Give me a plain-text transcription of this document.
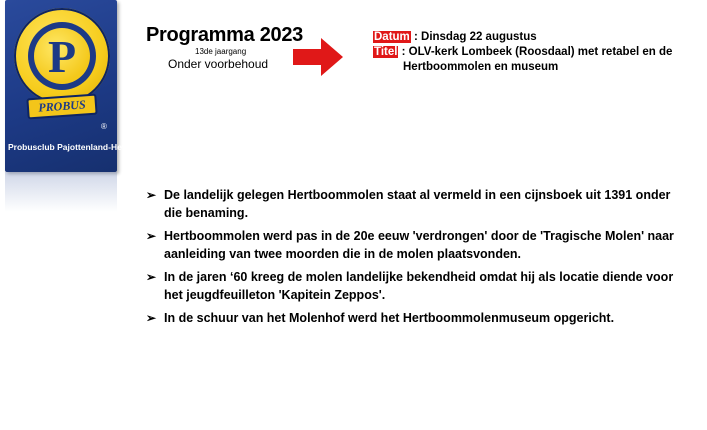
P
PROBUS
®
Probusclub Pajottenland-Heyde
Programma 2023
13de jaargang
Onder voorbehoud
Datum : Dinsdag 22 augustus
Titel : OLV-kerk Lombeek (Roosdaal) met retabel en de
Hertboommolen en museum
➢ De landelijk gelegen Hertboommolen staat al vermeld in een cijnsboek uit 1391 onder die benaming.
➢ Hertboommolen werd pas in de 20e eeuw 'verdrongen' door de 'Tragische Molen' naar aanleiding van twee moorden die in de molen plaatsvonden.
➢ In de jaren ‘60 kreeg de molen landelijke bekendheid omdat hij als locatie diende voor het jeugdfeuilleton 'Kapitein Zeppos'.
➢ In de schuur van het Molenhof werd het Hertboommolenmuseum opgericht.
